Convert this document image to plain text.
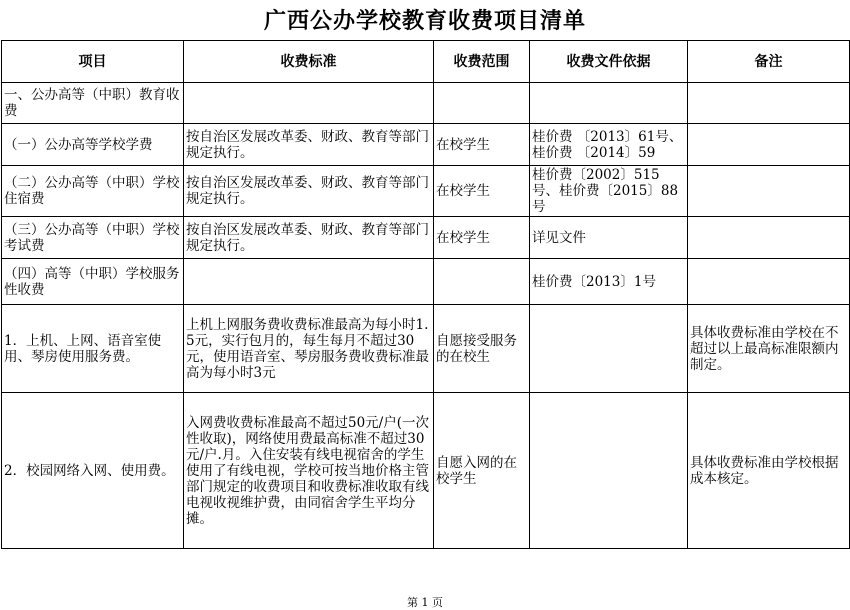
广西公办学校教育收费项目清单
项目	收费标准	收费范围	收费文件依据	备注
一、公办高等（中职）教育收费				
（一）公办高等学校学费	按自治区发展改革委、财政、教育等部门规定执行。	在校学生	桂价费 〔2013〕61号、桂价费 〔2014〕59	
（二）公办高等（中职）学校住宿费	按自治区发展改革委、财政、教育等部门规定执行。	在校学生	桂价费〔2002〕515号、桂价费〔2015〕88号	
（三）公办高等（中职）学校考试费	按自治区发展改革委、财政、教育等部门规定执行。	在校学生	详见文件	
（四）高等（中职）学校服务性收费			桂价费〔2013〕1号	
1．上机、上网、语音室使用、琴房使用服务费。	上机上网服务费收费标准最高为每小时1.5元，实行包月的，每生每月不超过30元，使用语音室、琴房服务费收费标准最高为每小时3元	自愿接受服务的在校生		具体收费标准由学校在不超过以上最高标准限额内制定。
2．校园网络入网、使用费。	入网费收费标准最高不超过50元/户(一次性收取)，网络使用费最高标准不超过30元/户.月。入住安装有线电视宿舍的学生使用了有线电视，学校可按当地价格主管部门规定的收费项目和收费标准收取有线电视收视维护费，由同宿舍学生平均分摊。	自愿入网的在校学生		具体收费标准由学校根据成本核定。
第 1 页
